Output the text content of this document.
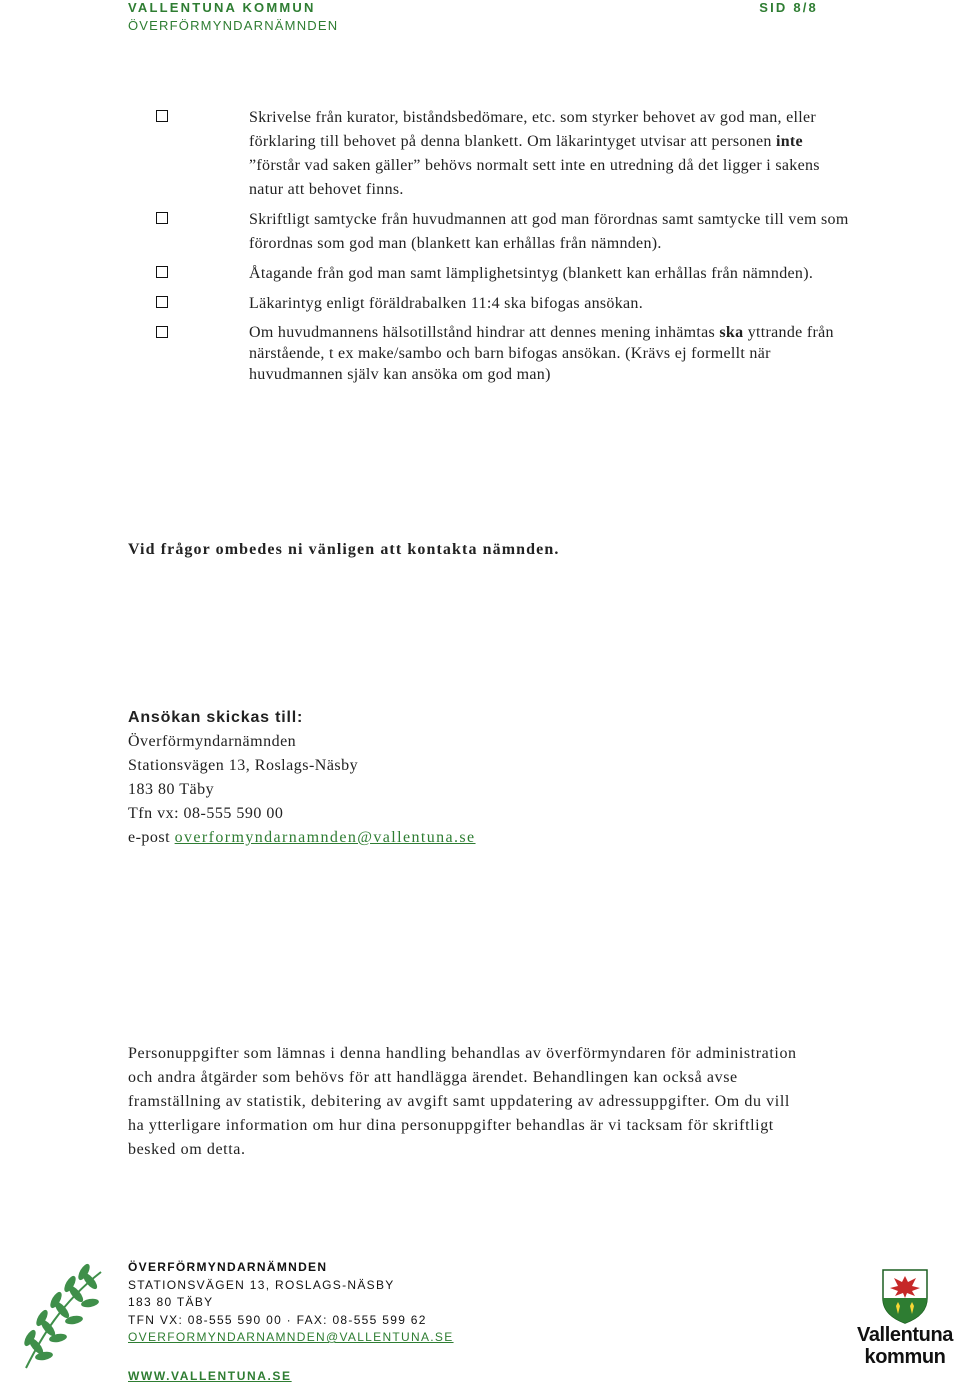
VALLENTUNA KOMMUN	SID 8/8
ÖVERFÖRMYNDARNÄMNDEN
Skrivelse från kurator, biståndsbedömare, etc. som styrker behovet av god man, eller förklaring till behovet på denna blankett. Om läkarintyget utvisar att personen inte ”förstår vad saken gäller” behövs normalt sett inte en utredning då det ligger i sakens natur att behovet finns.
Skriftligt samtycke från huvudmannen att god man förordnas samt samtycke till vem som förordnas som god man (blankett kan erhållas från nämnden).
Åtagande från god man samt lämplighetsintyg (blankett kan erhållas från nämnden).
Läkarintyg enligt föräldrabalken 11:4 ska bifogas ansökan.
Om huvudmannens hälsotillstånd hindrar att dennes mening inhämtas ska yttrande från närstående, t ex make/sambo och barn bifogas ansökan. (Krävs ej formellt när huvudmannen själv kan ansöka om god man)
Vid frågor ombedes ni vänligen att kontakta nämnden.
Ansökan skickas till:
Överförmyndarnämnden
Stationsvägen 13, Roslags-Näsby
183 80 Täby
Tfn vx: 08-555 590 00
e-post overformyndarnamnden@vallentuna.se
Personuppgifter som lämnas i denna handling behandlas av överförmyndaren för administration och andra åtgärder som behövs för att handlägga ärendet. Behandlingen kan också avse framställning av statistik, debitering av avgift samt uppdatering av adressuppgifter. Om du vill ha ytterligare information om hur dina personuppgifter behandlas är vi tacksam för skriftligt besked om detta.
ÖVERFÖRMYNDARNÄMNDEN
STATIONSVÄGEN 13, ROSLAGS-NÄSBY
183 80 TÄBY
TFN VX: 08-555 590 00 · FAX: 08-555 599 62
OVERFORMYNDARNAMNDEN@VALLENTUNA.SE
WWW.VALLENTUNA.SE
Vallentuna
kommun
